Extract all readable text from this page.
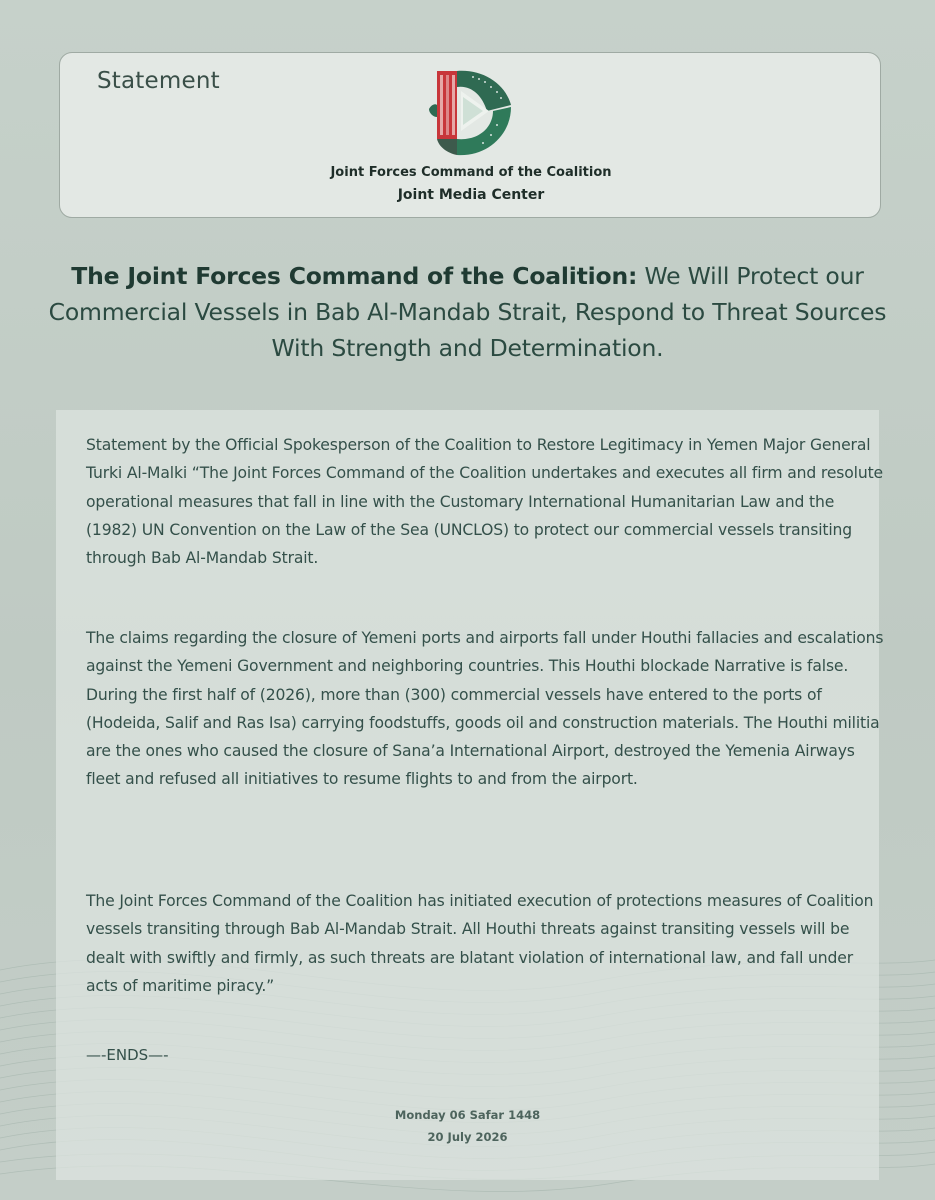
Joint Forces Command of the Coalition
Joint Media Center
Statement
The Joint Forces Command of the Coalition: We Will Protect our Commercial Vessels in Bab Al-Mandab Strait, Respond to Threat Sources With Strength and Determination.

Statement by the Official Spokesperson of the Coalition to Restore Legitimacy in Yemen Major General Turki Al-Malki “The Joint Forces Command of the Coalition undertakes and executes all firm and resolute operational measures that fall in line with the Customary International Humanitarian Law and the (1982) UN Convention on the Law of the Sea (UNCLOS) to protect our commercial vessels transiting through Bab Al-Mandab Strait.

The claims regarding the closure of Yemeni ports and airports fall under Houthi fallacies and escalations against the Yemeni Government and neighboring countries. This Houthi blockade Narrative is false. During the first half of (2026), more than (300) commercial vessels have entered to the ports of (Hodeida, Salif and Ras Isa) carrying foodstuffs, goods oil and construction materials. The Houthi militia are the ones who caused the closure of Sana’a International Airport, destroyed the Yemenia Airways fleet and refused all initiatives to resume flights to and from the airport.

The Joint Forces Command of the Coalition has initiated execution of protections measures of Coalition vessels transiting through Bab Al-Mandab Strait. All Houthi threats against transiting vessels will be dealt with swiftly and firmly, as such threats are blatant violation of international law, and fall under acts of maritime piracy.”

—-ENDS—-
Monday 06 Safar 1448
20 July 2026
